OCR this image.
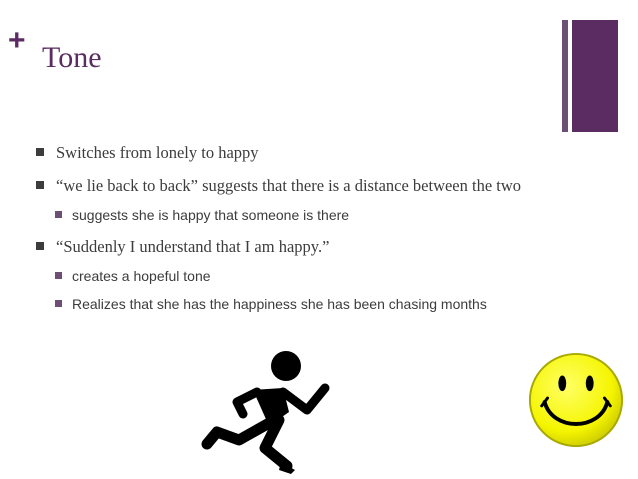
+
Tone
Switches from lonely to happy
“we lie back to back” suggests that there is a distance between the two
suggests she is happy that someone is there
“Suddenly I understand that I am happy.”
creates a hopeful tone
Realizes that she has the happiness she has been chasing months
